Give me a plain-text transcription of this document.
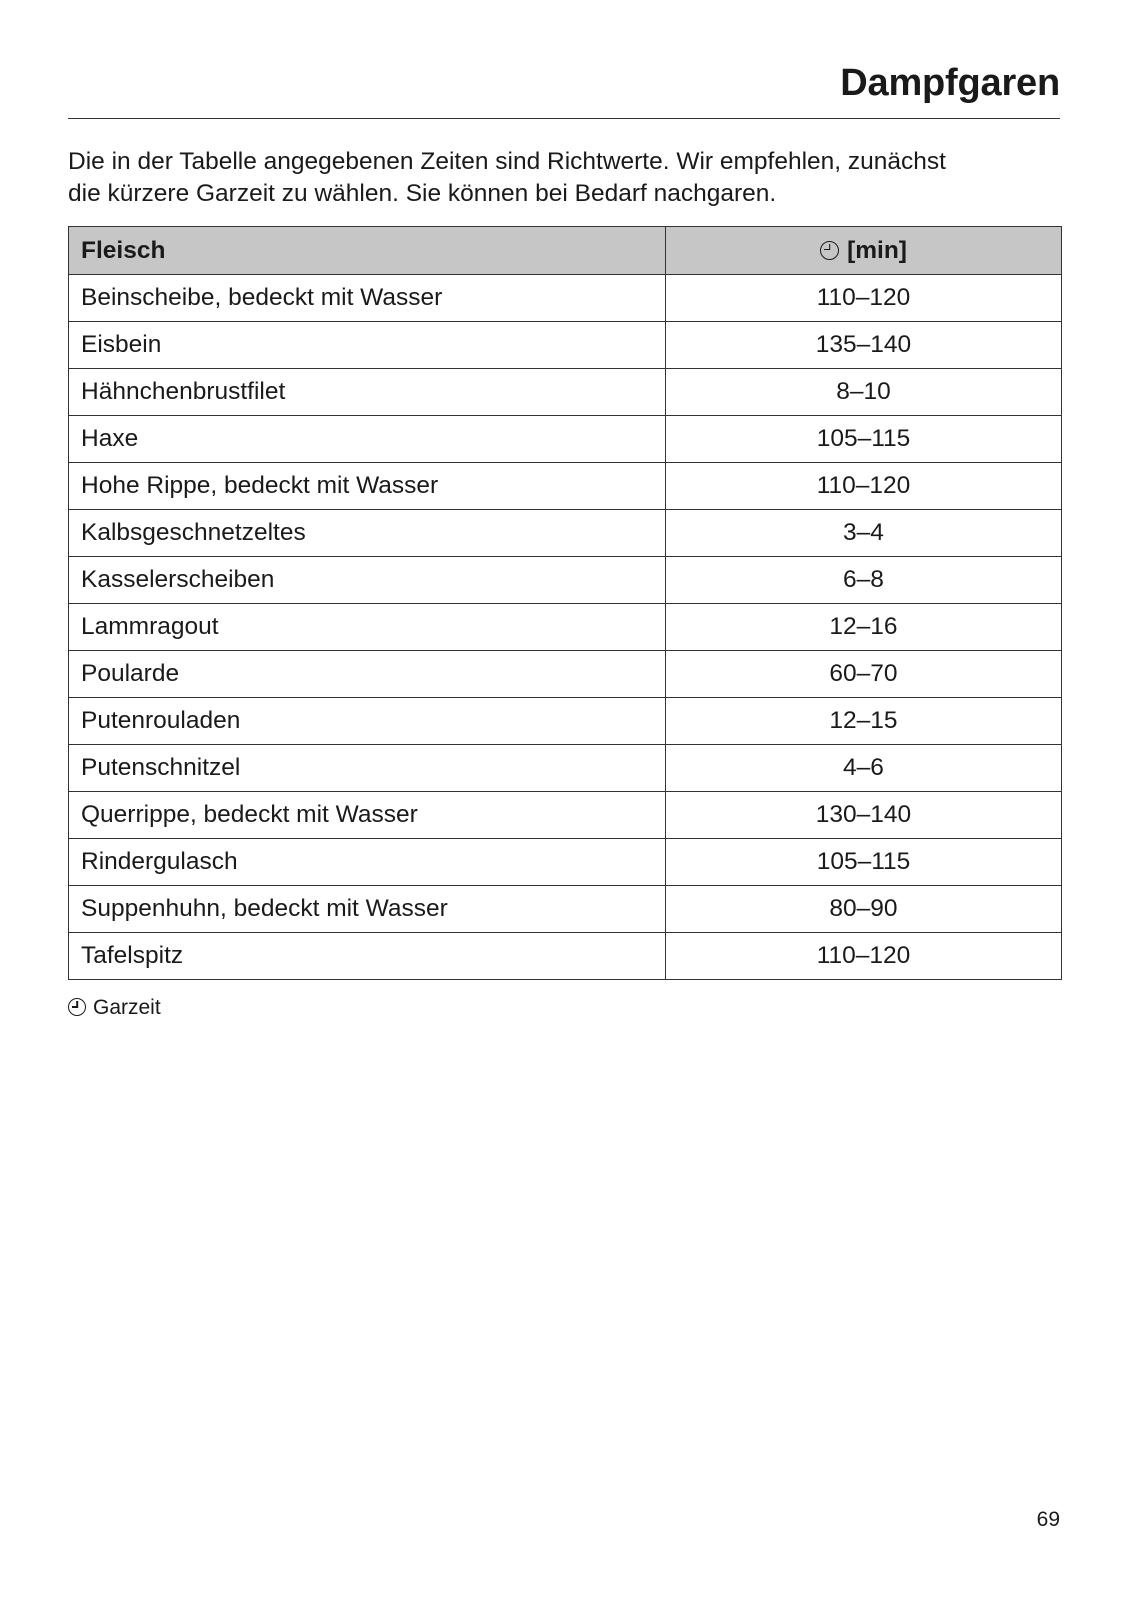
Dampfgaren

Die in der Tabelle angegebenen Zeiten sind Richtwerte. Wir empfehlen, zunächst

die kürzere Garzeit zu wählen. Sie können bei Bedarf nachgaren.

Fleisch	[min]
Beinscheibe, bedeckt mit Wasser	110–120
Eisbein	135–140
Hähnchenbrustfilet	8–10
Haxe	105–115
Hohe Rippe, bedeckt mit Wasser	110–120
Kalbsgeschnetzeltes	3–4
Kasselerscheiben	6–8
Lammragout	12–16
Poularde	60–70
Putenrouladen	12–15
Putenschnitzel	4–6
Querrippe, bedeckt mit Wasser	130–140
Rindergulasch	105–115
Suppenhuhn, bedeckt mit Wasser	80–90
Tafelspitz	110–120
Garzeit
69
